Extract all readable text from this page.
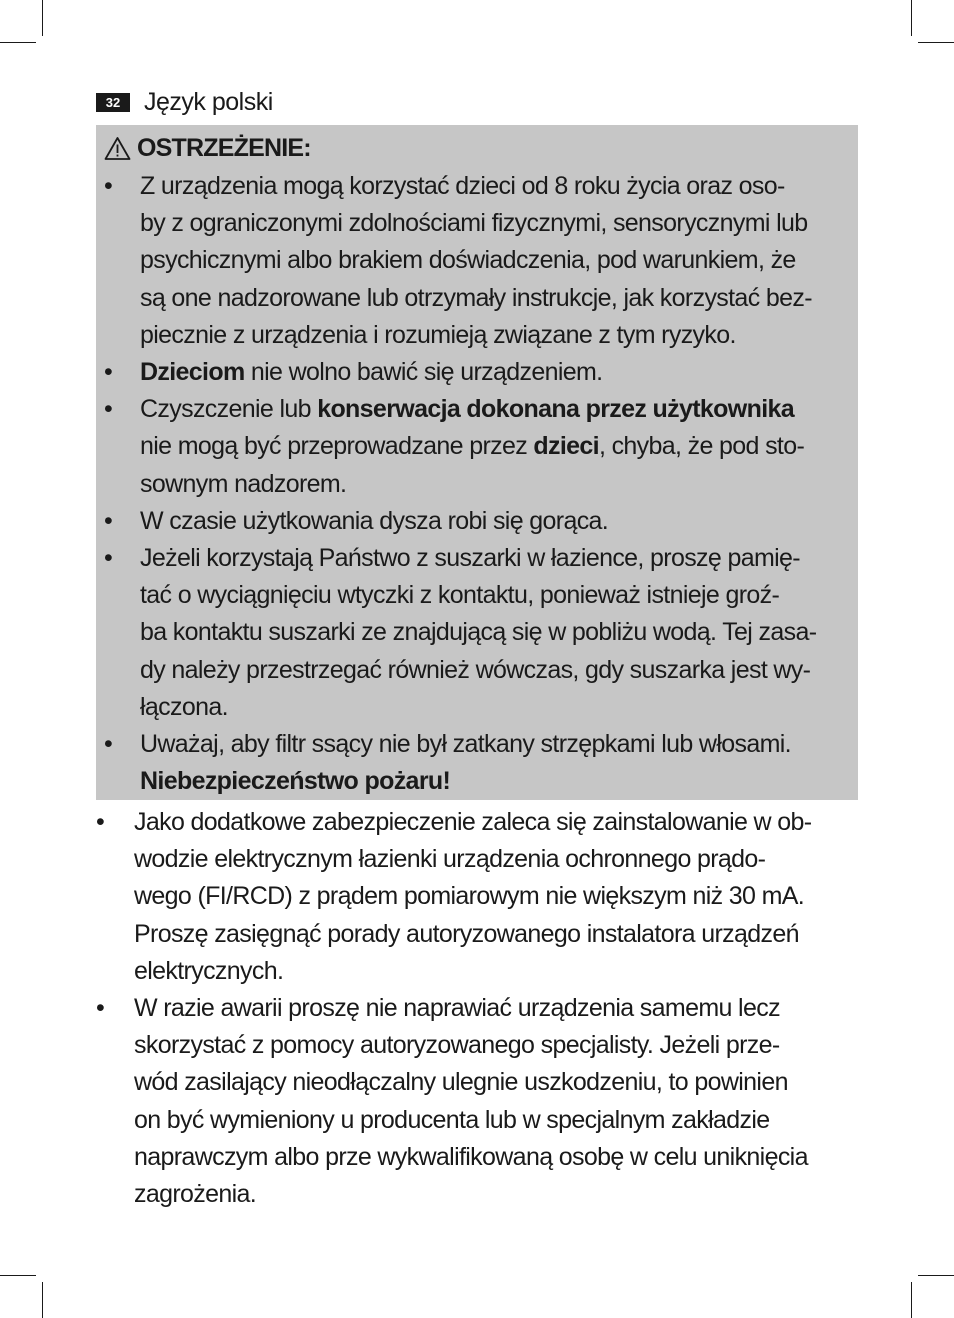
32 Język polski
OSTRZEŻENIE:
• Z urządzenia mogą korzystać dzieci od 8 roku życia oraz oso-
by z ograniczonymi zdolnościami fizycznymi, sensorycznymi lub
psychicznymi albo brakiem doświadczenia, pod warunkiem, że
są one nadzorowane lub otrzymały instrukcje, jak korzystać bez-
piecznie z urządzenia i rozumieją związane z tym ryzyko.
• Dzieciom nie wolno bawić się urządzeniem.
• Czyszczenie lub konserwacja dokonana przez użytkownika
nie mogą być przeprowadzane przez dzieci, chyba, że pod sto-
sownym nadzorem.
• W czasie użytkowania dysza robi się gorąca.
• Jeżeli korzystają Państwo z suszarki w łazience, proszę pamię-
tać o wyciągnięciu wtyczki z kontaktu, ponieważ istnieje groź-
ba kontaktu suszarki ze znajdującą się w pobliżu wodą. Tej zasa-
dy należy przestrzegać również wówczas, gdy suszarka jest wy-
łączona.
• Uważaj, aby filtr ssący nie był zatkany strzępkami lub włosami.
Niebezpieczeństwo pożaru!
• Jako dodatkowe zabezpieczenie zaleca się zainstalowanie w ob-
wodzie elektrycznym łazienki urządzenia ochronnego prądo-
wego (FI/RCD) z prądem pomiarowym nie większym niż 30 mA.
Proszę zasięgnąć porady autoryzowanego instalatora urządzeń
elektrycznych.
• W razie awarii proszę nie naprawiać urządzenia samemu lecz
skorzystać z pomocy autoryzowanego specjalisty. Jeżeli prze-
wód zasilający nieodłączalny ulegnie uszkodzeniu, to powinien
on być wymieniony u producenta lub w specjalnym zakładzie
naprawczym albo prze wykwalifikowaną osobę w celu uniknięcia
zagrożenia.
